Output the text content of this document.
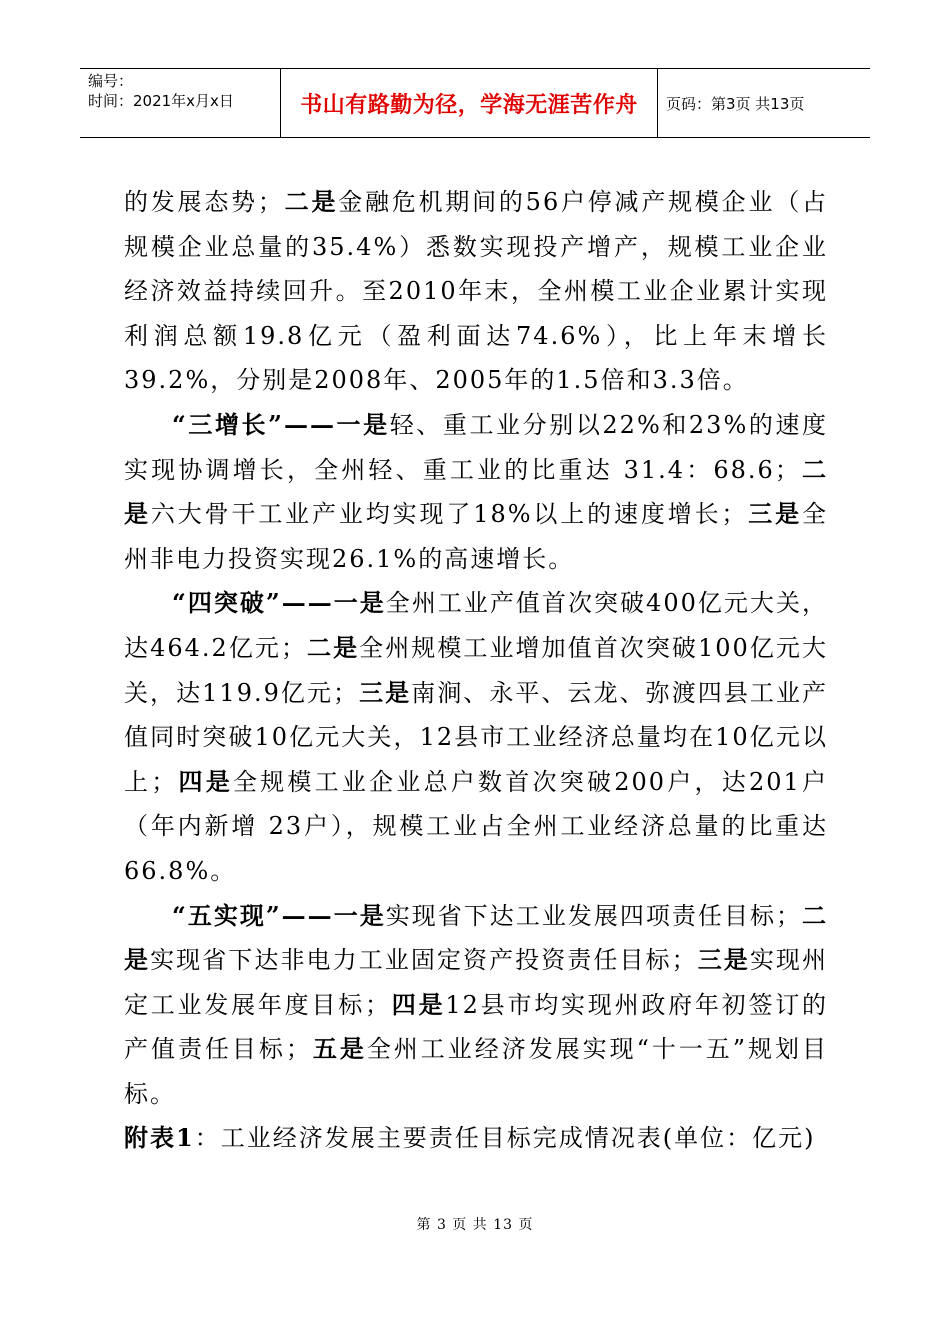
编号：
时间：2021年x月x日	书山有路勤为径，学海无涯苦作舟	页码：第3页 共13页

的发展态势；二是金融危机期间的56户停减产规模企业（占规模企业总量的35.4%）悉数实现投产增产，规模工业企业经济效益持续回升。至2010年末，全州模工业企业累计实现利润总额19.8亿元（盈利面达74.6%），比上年末增长39.2%，分别是2008年、2005年的1.5倍和3.3倍。

“三增长”——一是轻、重工业分别以22%和23%的速度实现协调增长，全州轻、重工业的比重达 31.4：68.6；二是六大骨干工业产业均实现了18%以上的速度增长；三是全州非电力投资实现26.1%的高速增长。

“四突破”——一是全州工业产值首次突破400亿元大关，达464.2亿元；二是全州规模工业增加值首次突破100亿元大关，达119.9亿元；三是南涧、永平、云龙、弥渡四县工业产值同时突破10亿元大关，12县市工业经济总量均在10亿元以上；四是全规模工业企业总户数首次突破200户，达201户（年内新增 23户），规模工业占全州工业经济总量的比重达66.8%。

“五实现”——一是实现省下达工业发展四项责任目标；二是实现省下达非电力工业固定资产投资责任目标；三是实现州定工业发展年度目标；四是12县市均实现州政府年初签订的产值责任目标；五是全州工业经济发展实现“十一五”规划目标。

附表1：工业经济发展主要责任目标完成情况表(单位：亿元)

第 3 页 共 13 页
